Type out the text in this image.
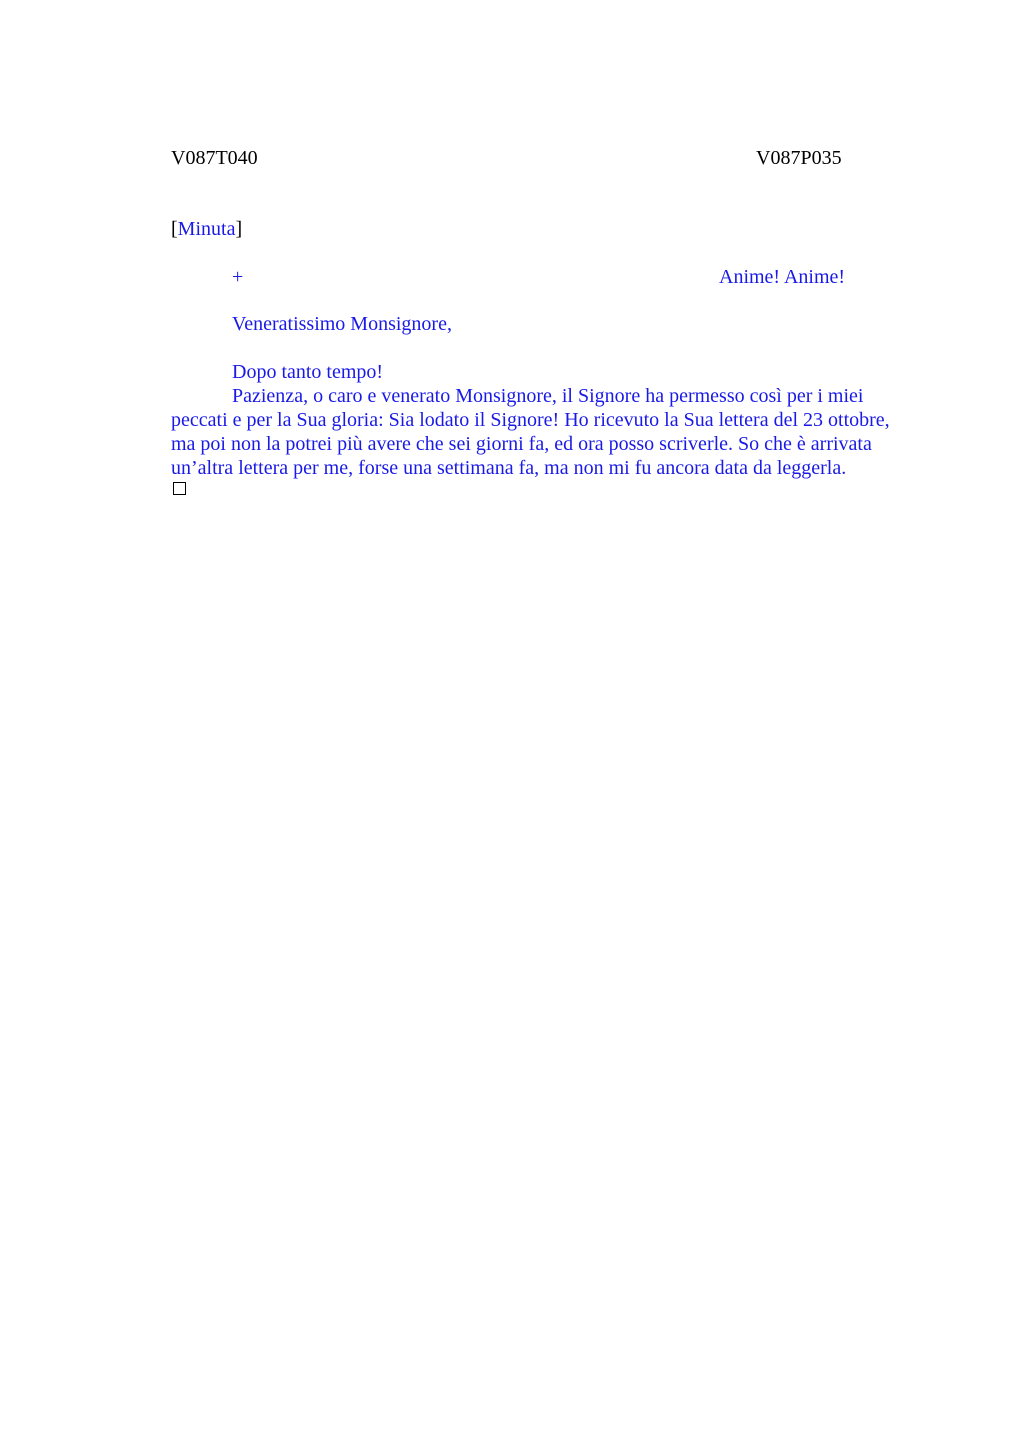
V087T040	V087P035
[Minuta]
+	Anime! Anime!
Veneratissimo Monsignore,

Dopo tanto tempo!

Pazienza, o caro e venerato Monsignore, il Signore ha permesso così per i miei peccati e per la Sua gloria: Sia lodato il Signore! Ho ricevuto la Sua lettera del 23 ottobre, ma poi non la potrei più avere che sei giorni fa, ed ora posso scriverle. So che è arrivata un’altra lettera per me, forse una settimana fa, ma non mi fu ancora data da leggerla.
